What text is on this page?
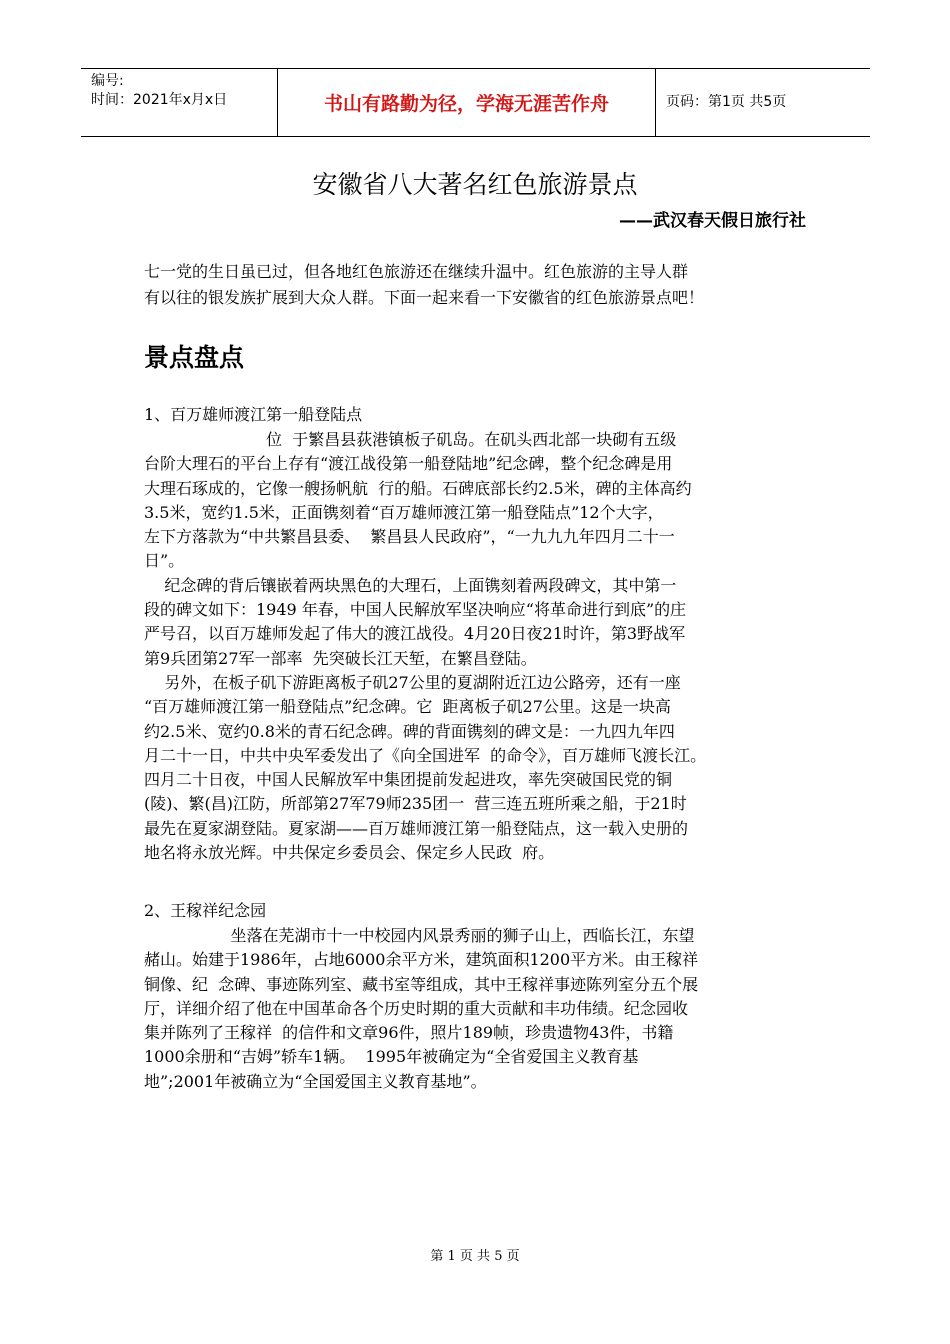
编号:
时间：2021年x月x日	书山有路勤为径，学海无涯苦作舟	页码：第1页 共5页
安徽省八大著名红色旅游景点
——武汉春天假日旅行社
七一党的生日虽已过，但各地红色旅游还在继续升温中。红色旅游的主导人群
有以往的银发族扩展到大众人群。下面一起来看一下安徽省的红色旅游景点吧！
景点盘点
1、百万雄师渡江第一船登陆点
位  于繁昌县荻港镇板子矶岛。在矶头西北部一块砌有五级
台阶大理石的平台上存有“渡江战役第一船登陆地”纪念碑，整个纪念碑是用
大理石琢成的，它像一艘扬帆航  行的船。石碑底部长约2.5米，碑的主体高约
3.5米，宽约1.5米，正面镌刻着“百万雄师渡江第一船登陆点”12个大字，
左下方落款为“中共繁昌县委、  繁昌县人民政府”，“一九九九年四月二十一
日”。
纪念碑的背后镶嵌着两块黑色的大理石，上面镌刻着两段碑文，其中第一
段的碑文如下：1949 年春，中国人民解放军坚决响应“将革命进行到底”的庄
严号召，以百万雄师发起了伟大的渡江战役。4月20日夜21时许，第3野战军
第9兵团第27军一部率  先突破长江天堑，在繁昌登陆。
另外，在板子矶下游距离板子矶27公里的夏湖附近江边公路旁，还有一座
“百万雄师渡江第一船登陆点”纪念碑。它  距离板子矶27公里。这是一块高
约2.5米、宽约0.8米的青石纪念碑。碑的背面镌刻的碑文是：一九四九年四
月二十一日，中共中央军委发出了《向全国进军  的命令》，百万雄师飞渡长江。
四月二十日夜，中国人民解放军中集团提前发起进攻，率先突破国民党的铜
(陵)、繁(昌)江防，所部第27军79师235团一  营三连五班所乘之船，于21时
最先在夏家湖登陆。夏家湖——百万雄师渡江第一船登陆点，这一载入史册的
地名将永放光辉。中共保定乡委员会、保定乡人民政  府。
2、王稼祥纪念园
坐落在芜湖市十一中校园内风景秀丽的狮子山上，西临长江，东望
赭山。始建于1986年，占地6000余平方米，建筑面积1200平方米。由王稼祥
铜像、纪  念碑、事迹陈列室、藏书室等组成，其中王稼祥事迹陈列室分五个展
厅，详细介绍了他在中国革命各个历史时期的重大贡献和丰功伟绩。纪念园收
集并陈列了王稼祥  的信件和文章96件，照片189帧，珍贵遗物43件，书籍
1000余册和“吉姆”轿车1辆。  1995年被确定为“全省爱国主义教育基
地”;2001年被确立为“全国爱国主义教育基地”。
第 1 页 共 5 页
